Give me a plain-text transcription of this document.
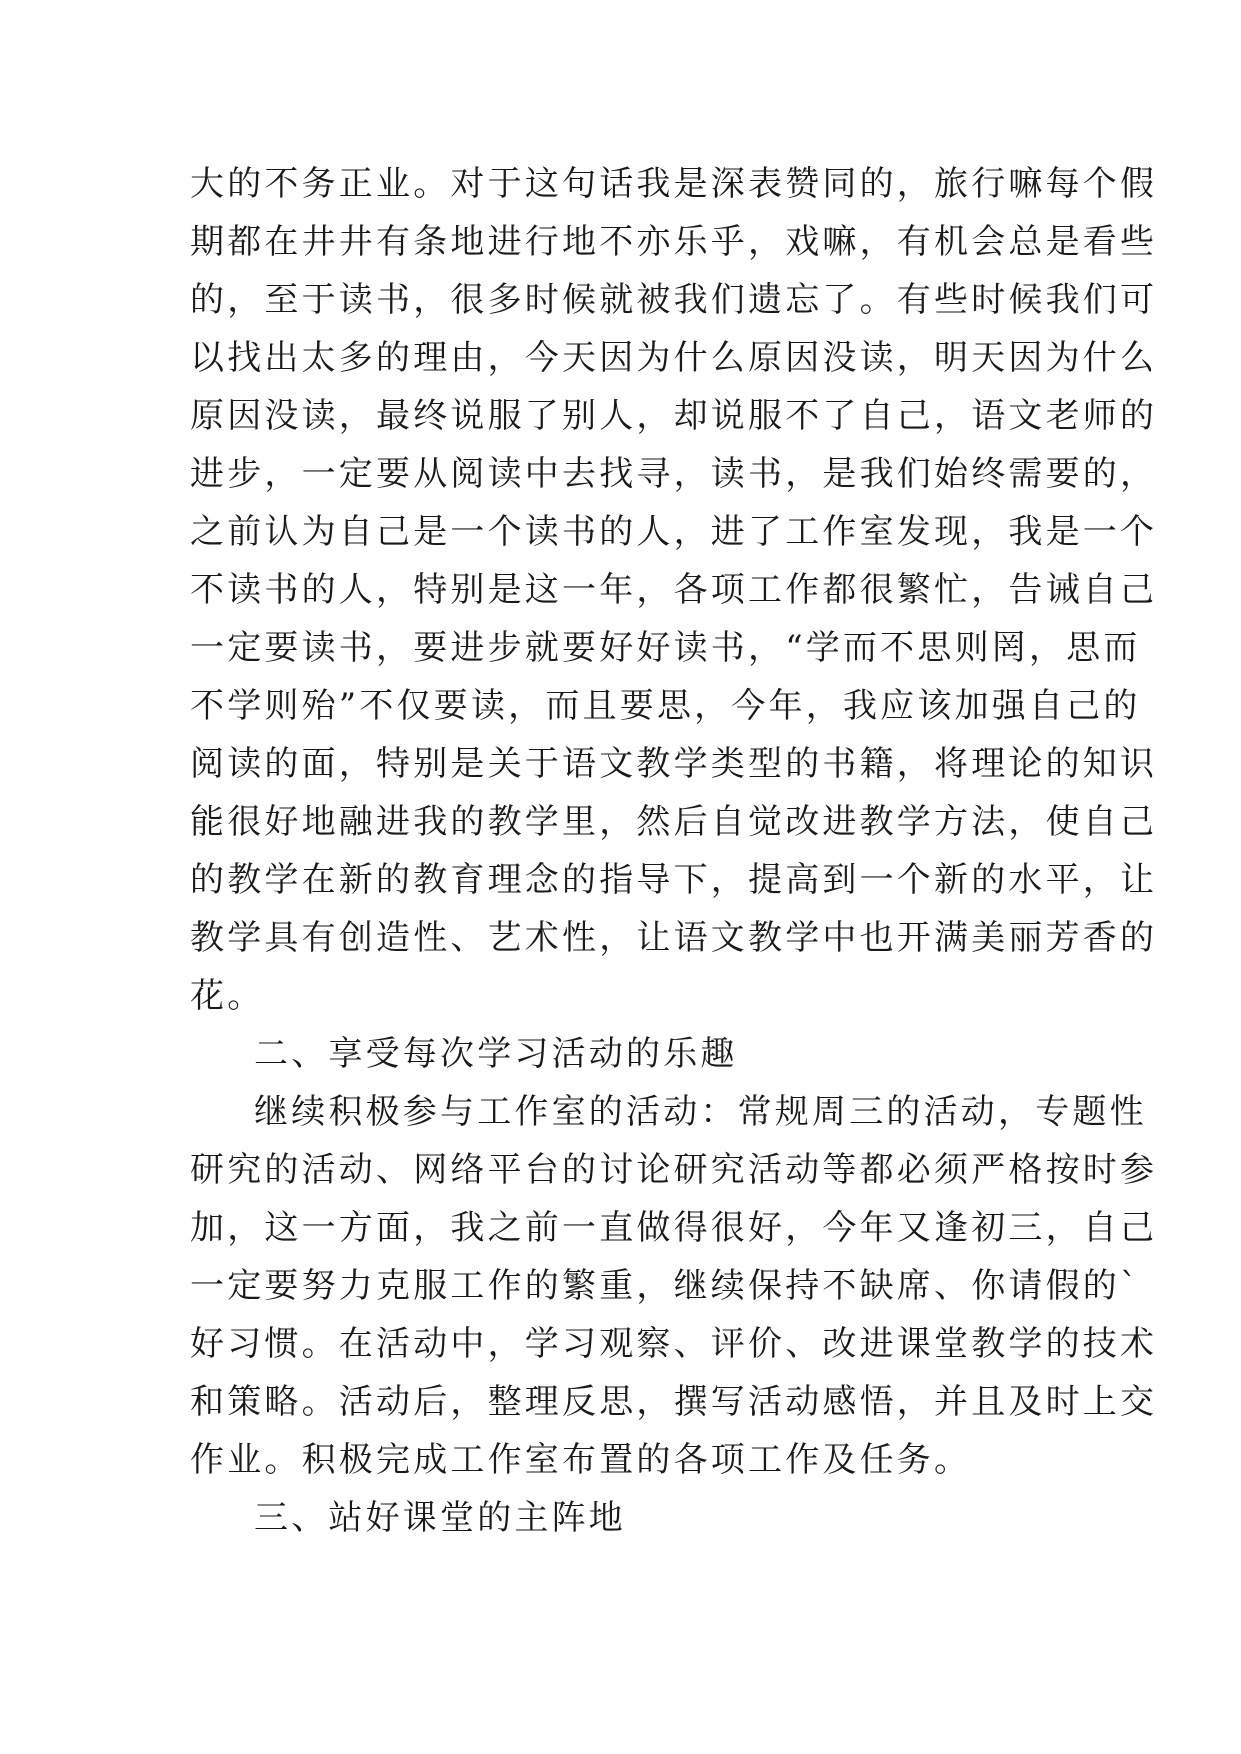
大的不务正业。对于这句话我是深表赞同的，旅行嘛每个假
期都在井井有条地进行地不亦乐乎，戏嘛，有机会总是看些
的，至于读书，很多时候就被我们遗忘了。有些时候我们可
以找出太多的理由，今天因为什么原因没读，明天因为什么
原因没读，最终说服了别人，却说服不了自己，语文老师的
进步，一定要从阅读中去找寻，读书，是我们始终需要的，
之前认为自己是一个读书的人，进了工作室发现，我是一个
不读书的人，特别是这一年，各项工作都很繁忙，告诫自己
一定要读书，要进步就要好好读书，“学而不思则罔，思而
不学则殆”不仅要读，而且要思，今年，我应该加强自己的
阅读的面，特别是关于语文教学类型的书籍，将理论的知识
能很好地融进我的教学里，然后自觉改进教学方法，使自己
的教学在新的教育理念的指导下，提高到一个新的水平，让
教学具有创造性、艺术性，让语文教学中也开满美丽芳香的
花。
二、享受每次学习活动的乐趣
继续积极参与工作室的活动：常规周三的活动，专题性
研究的活动、网络平台的讨论研究活动等都必须严格按时参
加，这一方面，我之前一直做得很好，今年又逢初三，自己
一定要努力克服工作的繁重，继续保持不缺席、你请假的`
好习惯。在活动中，学习观察、评价、改进课堂教学的技术
和策略。活动后，整理反思，撰写活动感悟，并且及时上交
作业。积极完成工作室布置的各项工作及任务。
三、站好课堂的主阵地
